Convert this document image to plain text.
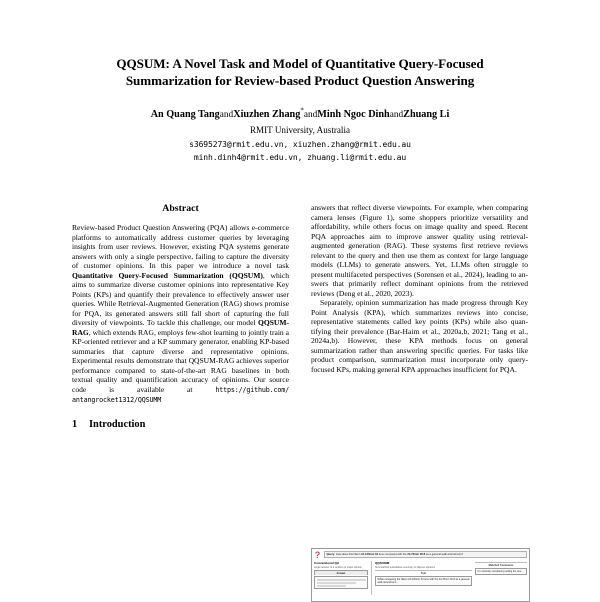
QQSUM: A Novel Task and Model of Quantitative Query-Focused
Summarization for Review-based Product Question Answering
An Quang TangandXiuzhen Zhang*andMinh Ngoc DinhandZhuang Li
RMIT University, Australia
s3695273@rmit.edu.vn, xiuzhen.zhang@rmit.edu.au
minh.dinh4@rmit.edu.vn, zhuang.li@rmit.edu.au
Abstract

Review-based Product Question Answering (PQA) allows e-commerce platforms to automatically address customer queries by leveraging insights from user reviews. However, existing PQA systems generate answers with only a single perspective, failing to capture the diversity of customer opinions. In this paper we introduce a novel task Quantitative Query-Focused Summarization (QQSUM), which aims to summarize diverse customer opinions into representative Key Points (KPs) and quantify their prevalence to effectively answer user queries. While Retrieval-Augmented Generation (RAG) shows promise for PQA, its generated answers still fall short of capturing the full diversity of viewpoints. To tackle this challenge, our model QQSUM-RAG, which extends RAG, employs few-shot learning to jointly train a KP-oriented retriever and a KP summary generator, enabling KP-based summaries that capture diverse and representative opinions. Experimental results demonstrate that QQSUM-RAG achieves superior performance compared to state-of-the-art RAG baselines in both textual quality and quantification accuracy of opinions. Our source code is available at https://github.com/ antangrocket1312/QQSUMM

1	Introduction

answers that reflect diverse viewpoints. For example, when comparing camera lenses (Figure 1), some shoppers prioritize versatility and affordability, while others focus on image quality and speed. Recent PQA approaches aim to improve answer quality using retrieval-augmented generation (RAG). These systems first retrieve reviews relevant to the query and then use them as context for large language models (LLMs) to generate answers. Yet, LLMs often struggle to present multifaceted perspectives (Sorensen et al., 2024), leading to answers that primarily reflect dominant opinions from the retrieved reviews (Deng et al., 2020, 2023).

Separately, opinion summarization has made progress through Key Point Analysis (KPA), which summarizes reviews into concise, representative statements called key points (KPs) while also quantifying their prevalence (Bar-Haim et al., 2020a,b, 2021; Tang et al., 2024a,b). However, these KPA methods focus on general summarization rather than answering specific queries. For tasks like product comparison, summarization must incorporate only query-focused KPs, making general KPA approaches insufficient for PQA.

?	Query: How does this Nikon 24-120mm f/4 lens compared with the 24-70mm f/2.8 as a general walk around lens?
Conventional QA
single answer of a random or major opinion
Answer
QQSUMM
Summarized quantitative summary of diverse opinions
Text
While comparing the Nikon 24-120mm f/4 lens with the 24-70mm f/2.8 as a general walk around lens...
Matched Comments
I'm routinely considering selling the one...
